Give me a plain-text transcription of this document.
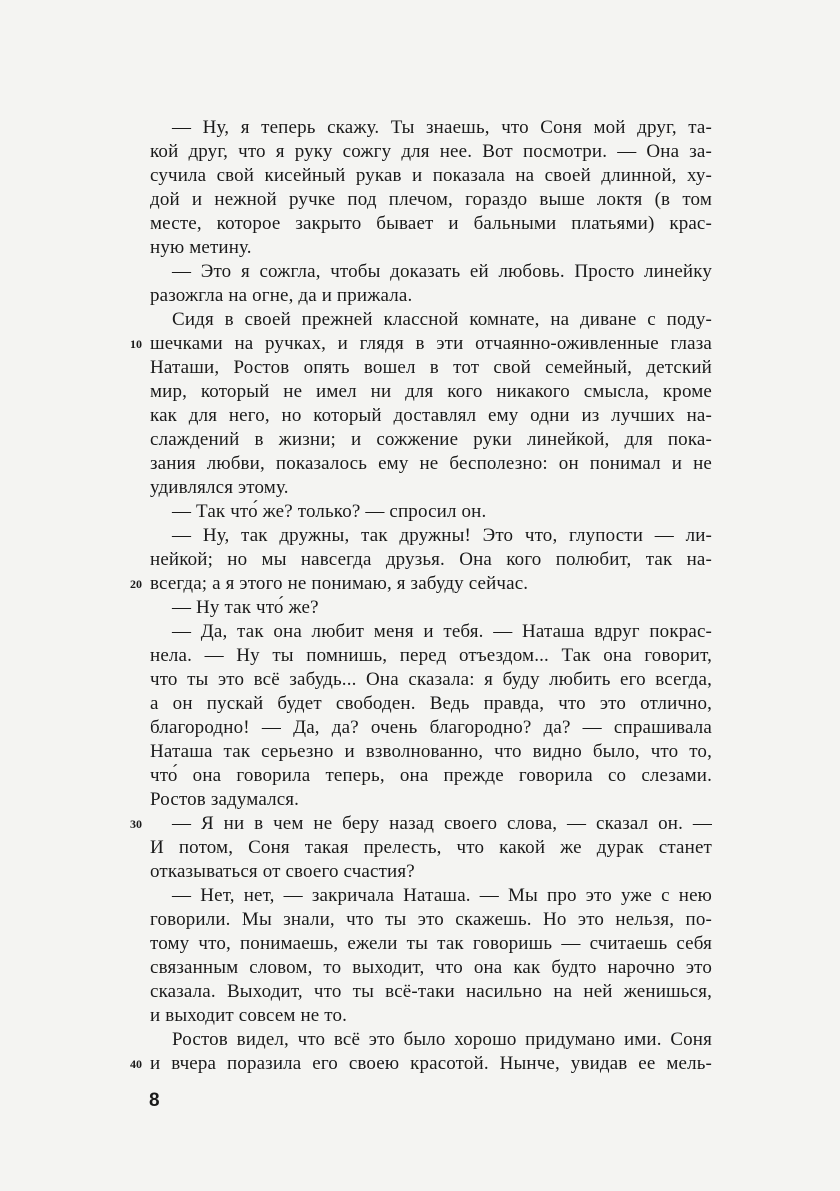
— Ну, я теперь скажу. Ты знаешь, что Соня мой друг, та-
кой друг, что я руку сожгу для нее. Вот посмотри. — Она за-
сучила свой кисейный рукав и показала на своей длинной, ху-
дой и нежной ручке под плечом, гораздо выше локтя (в том
месте, которое закрыто бывает и бальными платьями) крас-
ную метину.
— Это я сожгла, чтобы доказать ей любовь. Просто линейку
разожгла на огне, да и прижала.
Сидя в своей прежней классной комнате, на диване с поду-
10 шечками на ручках, и глядя в эти отчаянно-оживленные глаза
Наташи, Ростов опять вошел в тот свой семейный, детский
мир, который не имел ни для кого никакого смысла, кроме
как для него, но который доставлял ему одни из лучших на-
слаждений в жизни; и сожжение руки линейкой, для пока-
зания любви, показалось ему не бесполезно: он понимал и не
удивлялся этому.
— Так что́ же? только? — спросил он.
— Ну, так дружны, так дружны! Это что, глупости — ли-
нейкой; но мы навсегда друзья. Она кого полюбит, так на-
20 всегда; а я этого не понимаю, я забуду сейчас.
— Ну так что́ же?
— Да, так она любит меня и тебя. — Наташа вдруг покрас-
нела. — Ну ты помнишь, перед отъездом... Так она говорит,
что ты это всё забудь... Она сказала: я буду любить его всегда,
а он пускай будет свободен. Ведь правда, что это отлично,
благородно! — Да, да? очень благородно? да? — спрашивала
Наташа так серьезно и взволнованно, что видно было, что то,
что́ она говорила теперь, она прежде говорила со слезами.
Ростов задумался.
30	— Я ни в чем не беру назад своего слова, — сказал он. —
И потом, Соня такая прелесть, что какой же дурак станет
отказываться от своего счастия?
— Нет, нет, — закричала Наташа. — Мы про это уже с нею
говорили. Мы знали, что ты это скажешь. Но это нельзя, по-
тому что, понимаешь, ежели ты так говоришь — считаешь себя
связанным словом, то выходит, что она как будто нарочно это
сказала. Выходит, что ты всё-таки насильно на ней женишься,
и выходит совсем не то.
Ростов видел, что всё это было хорошо придумано ими. Соня
40 и вчера поразила его своею красотой. Нынче, увидав ее мель-
8
